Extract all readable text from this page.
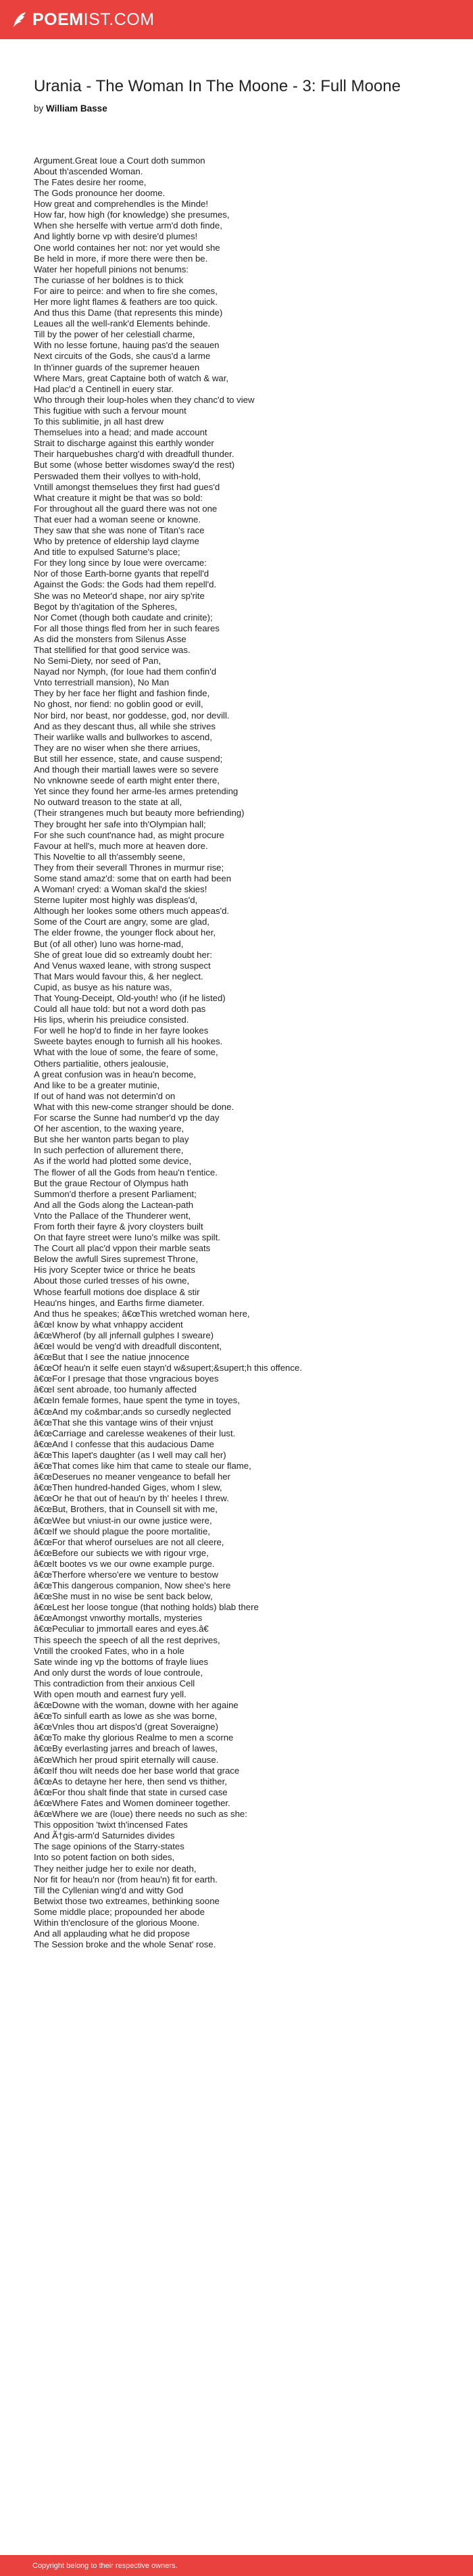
POEMIST.COM
Urania - The Woman In The Moone - 3: Full Moone
by William Basse
Argument.Great Ioue a Court doth summon
About th'ascended Woman.
The Fates desire her roome,
The Gods pronounce her doome.
How great and comprehendles is the Minde!
How far, how high (for knowledge) she presumes,
When she herselfe with vertue arm'd doth finde,
And lightly borne vp with desire'd plumes!
One world containes her not: nor yet would she
Be held in more, if more there were then be.
Water her hopefull pinions not benums:
The curiasse of her boldnes is to thick
For aire to peirce: and when to fire she comes,
Her more light flames & feathers are too quick.
And thus this Dame (that represents this minde)
Leaues all the well-rank'd Elements behinde.
Till by the power of her celestiall charme,
With no lesse fortune, hauing pas'd the seauen
Next circuits of the Gods, she caus'd a larme
In th'inner guards of the supremer heauen
Where Mars, great Captaine both of watch & war,
Had plac'd a Centinell in euery star.
Who through their loup-holes when they chanc'd to view
This fugitiue with such a fervour mount
To this sublimitie, jn all hast drew
Themselues into a head; and made account
Strait to discharge against this earthly wonder
Their harquebushes charg'd with dreadfull thunder.
But some (whose better wisdomes sway'd the rest)
Perswaded them their vollyes to with-hold,
Vntill amongst themselues they first had gues'd
What creature it might be that was so bold:
For throughout all the guard there was not one
That euer had a woman seene or knowne.
They saw that she was none of Titan's race
Who by pretence of eldership layd clayme
And title to expulsed Saturne's place;
For they long since by Ioue were overcame:
Nor of those Earth-borne gyants that repell'd
Against the Gods: the Gods had them repell'd.
She was no Meteor'd shape, nor airy sp'rite
Begot by th'agitation of the Spheres,
Nor Comet (though both caudate and crinite);
For all those things fled from her in such feares
As did the monsters from Silenus Asse
That stellified for that good service was.
No Semi-Diety, nor seed of Pan,
Nayad nor Nymph, (for Ioue had them confin'd
Vnto terrestriall mansion), No Man
They by her face her flight and fashion finde,
No ghost, nor fiend: no goblin good or evill,
Nor bird, nor beast, nor goddesse, god, nor devill.
And as they descant thus, all while she strives
Their warlike walls and bullworkes to ascend,
They are no wiser when she there arriues,
But still her essence, state, and cause suspend;
And though their martiall lawes were so severe
No vnknowne seede of earth might enter there,
Yet since they found her arme-les armes pretending
No outward treason to the state at all,
(Their strangenes much but beauty more befriending)
They brought her safe into th'Olympian hall;
For she such count'nance had, as might procure
Favour at hell's, much more at heaven dore.
This Noveltie to all th'assembly seene,
They from their severall Thrones in murmur rise;
Some stand amaz'd: some that on earth had been
A Woman! cryed: a Woman skal'd the skies!
Sterne Iupiter most highly was displeas'd,
Although her lookes some others much appeas'd.
Some of the Court are angry, some are glad,
The elder frowne, the younger flock about her,
But (of all other) Iuno was horne-mad,
She of great Ioue did so extreamly doubt her:
And Venus waxed leane, with strong suspect
That Mars would favour this, & her neglect.
Cupid, as busye as his nature was,
That Young-Deceipt, Old-youth! who (if he listed)
Could all haue told: but not a word doth pas
His lips, wherin his preiudice consisted.
For well he hop'd to finde in her fayre lookes
Sweete baytes enough to furnish all his hookes.
What with the loue of some, the feare of some,
Others partialitie, others jealousie,
A great confusion was in heau'n become,
And like to be a greater mutinie,
If out of hand was not determin'd on
What with this new-come stranger should be done.
For scarse the Sunne had number'd vp the day
Of her ascention, to the waxing yeare,
But she her wanton parts began to play
In such perfection of allurement there,
As if the world had plotted some device,
The flower of all the Gods from heau'n t'entice.
But the graue Rectour of Olympus hath
Summon'd therfore a present Parliament;
And all the Gods along the Lactean-path
Vnto the Pallace of the Thunderer went,
From forth their fayre & jvory cloysters built
On that fayre street were Iuno's milke was spilt.
The Court all plac'd vppon their marble seats
Below the awfull Sires supremest Throne,
His jvory Scepter twice or thrice he beats
About those curled tresses of his owne,
Whose fearfull motions doe displace & stir
Heau'ns hinges, and Earths firme diameter.
And thus he speakes; â€œThis wretched woman here,
â€œI know by what vnhappy accident
â€œWherof (by all jnfernall gulphes I sweare)
â€œI would be veng'd with dreadfull discontent,
â€œBut that I see the natiue jnnocence
â€œOf heau'n it selfe euen stayn'd w&supert;&supert;h this offence.
â€œFor I presage that those vngracious boyes
â€œI sent abroade, too humanly affected
â€œIn female formes, haue spent the tyme in toyes,
â€œAnd my co&mbar;ands so cursedly neglected
â€œThat she this vantage wins of their vnjust
â€œCarriage and carelesse weakenes of their lust.
â€œAnd I confesse that this audacious Dame
â€œThis Iapet's daughter (as I well may call her)
â€œThat comes like him that came to steale our flame,
â€œDeserues no meaner vengeance to befall her
â€œThen hundred-handed Giges, whom I slew,
â€œOr he that out of heau'n by th' heeles I threw.
â€œBut, Brothers, that in Counsell sit with me,
â€œWee but vniust-in our owne justice were,
â€œIf we should plague the poore mortalitie,
â€œFor that wherof ourselues are not all cleere,
â€œBefore our subiects we with rigour vrge,
â€œIt bootes vs we our owne example purge.
â€œTherfore wherso'ere we venture to bestow
â€œThis dangerous companion, Now shee's here
â€œShe must in no wise be sent back below,
â€œLest her loose tongue (that nothing holds) blab there
â€œAmongst vnworthy mortalls, mysteries
â€œPeculiar to jmmortall eares and eyes.â€
This speech the speech of all the rest deprives,
Vntill the crooked Fates, who in a hole
Sate winde ing vp the bottoms of frayle liues
And only durst the words of loue controule,
This contradiction from their anxious Cell
With open mouth and earnest fury yell.
â€œDowne with the woman, downe with her againe
â€œTo sinfull earth as lowe as she was borne,
â€œVnles thou art dispos'd (great Soveraigne)
â€œTo make thy glorious Realme to men a scorne
â€œBy everlasting jarres and breach of lawes,
â€œWhich her proud spirit eternally will cause.
â€œIf thou wilt needs doe her base world that grace
â€œAs to detayne her here, then send vs thither,
â€œFor thou shalt finde that state in cursed case
â€œWhere Fates and Women domineer together.
â€œWhere we are (loue) there needs no such as she:
This opposition 'twixt th'incensed Fates
And Ã†gis-arm'd Saturnides divides
The sage opinions of the Starry-states
Into so potent faction on both sides,
They neither judge her to exile nor death,
Nor fit for heau'n nor (from heau'n) fit for earth.
Till the Cyllenian wing'd and witty God
Betwixt those two extreames, bethinking soone
Some middle place; propounded her abode
Within th'enclosure of the glorious Moone.
And all applauding what he did propose
The Session broke and the whole Senat' rose.
Copyright belong to their respective owners.
